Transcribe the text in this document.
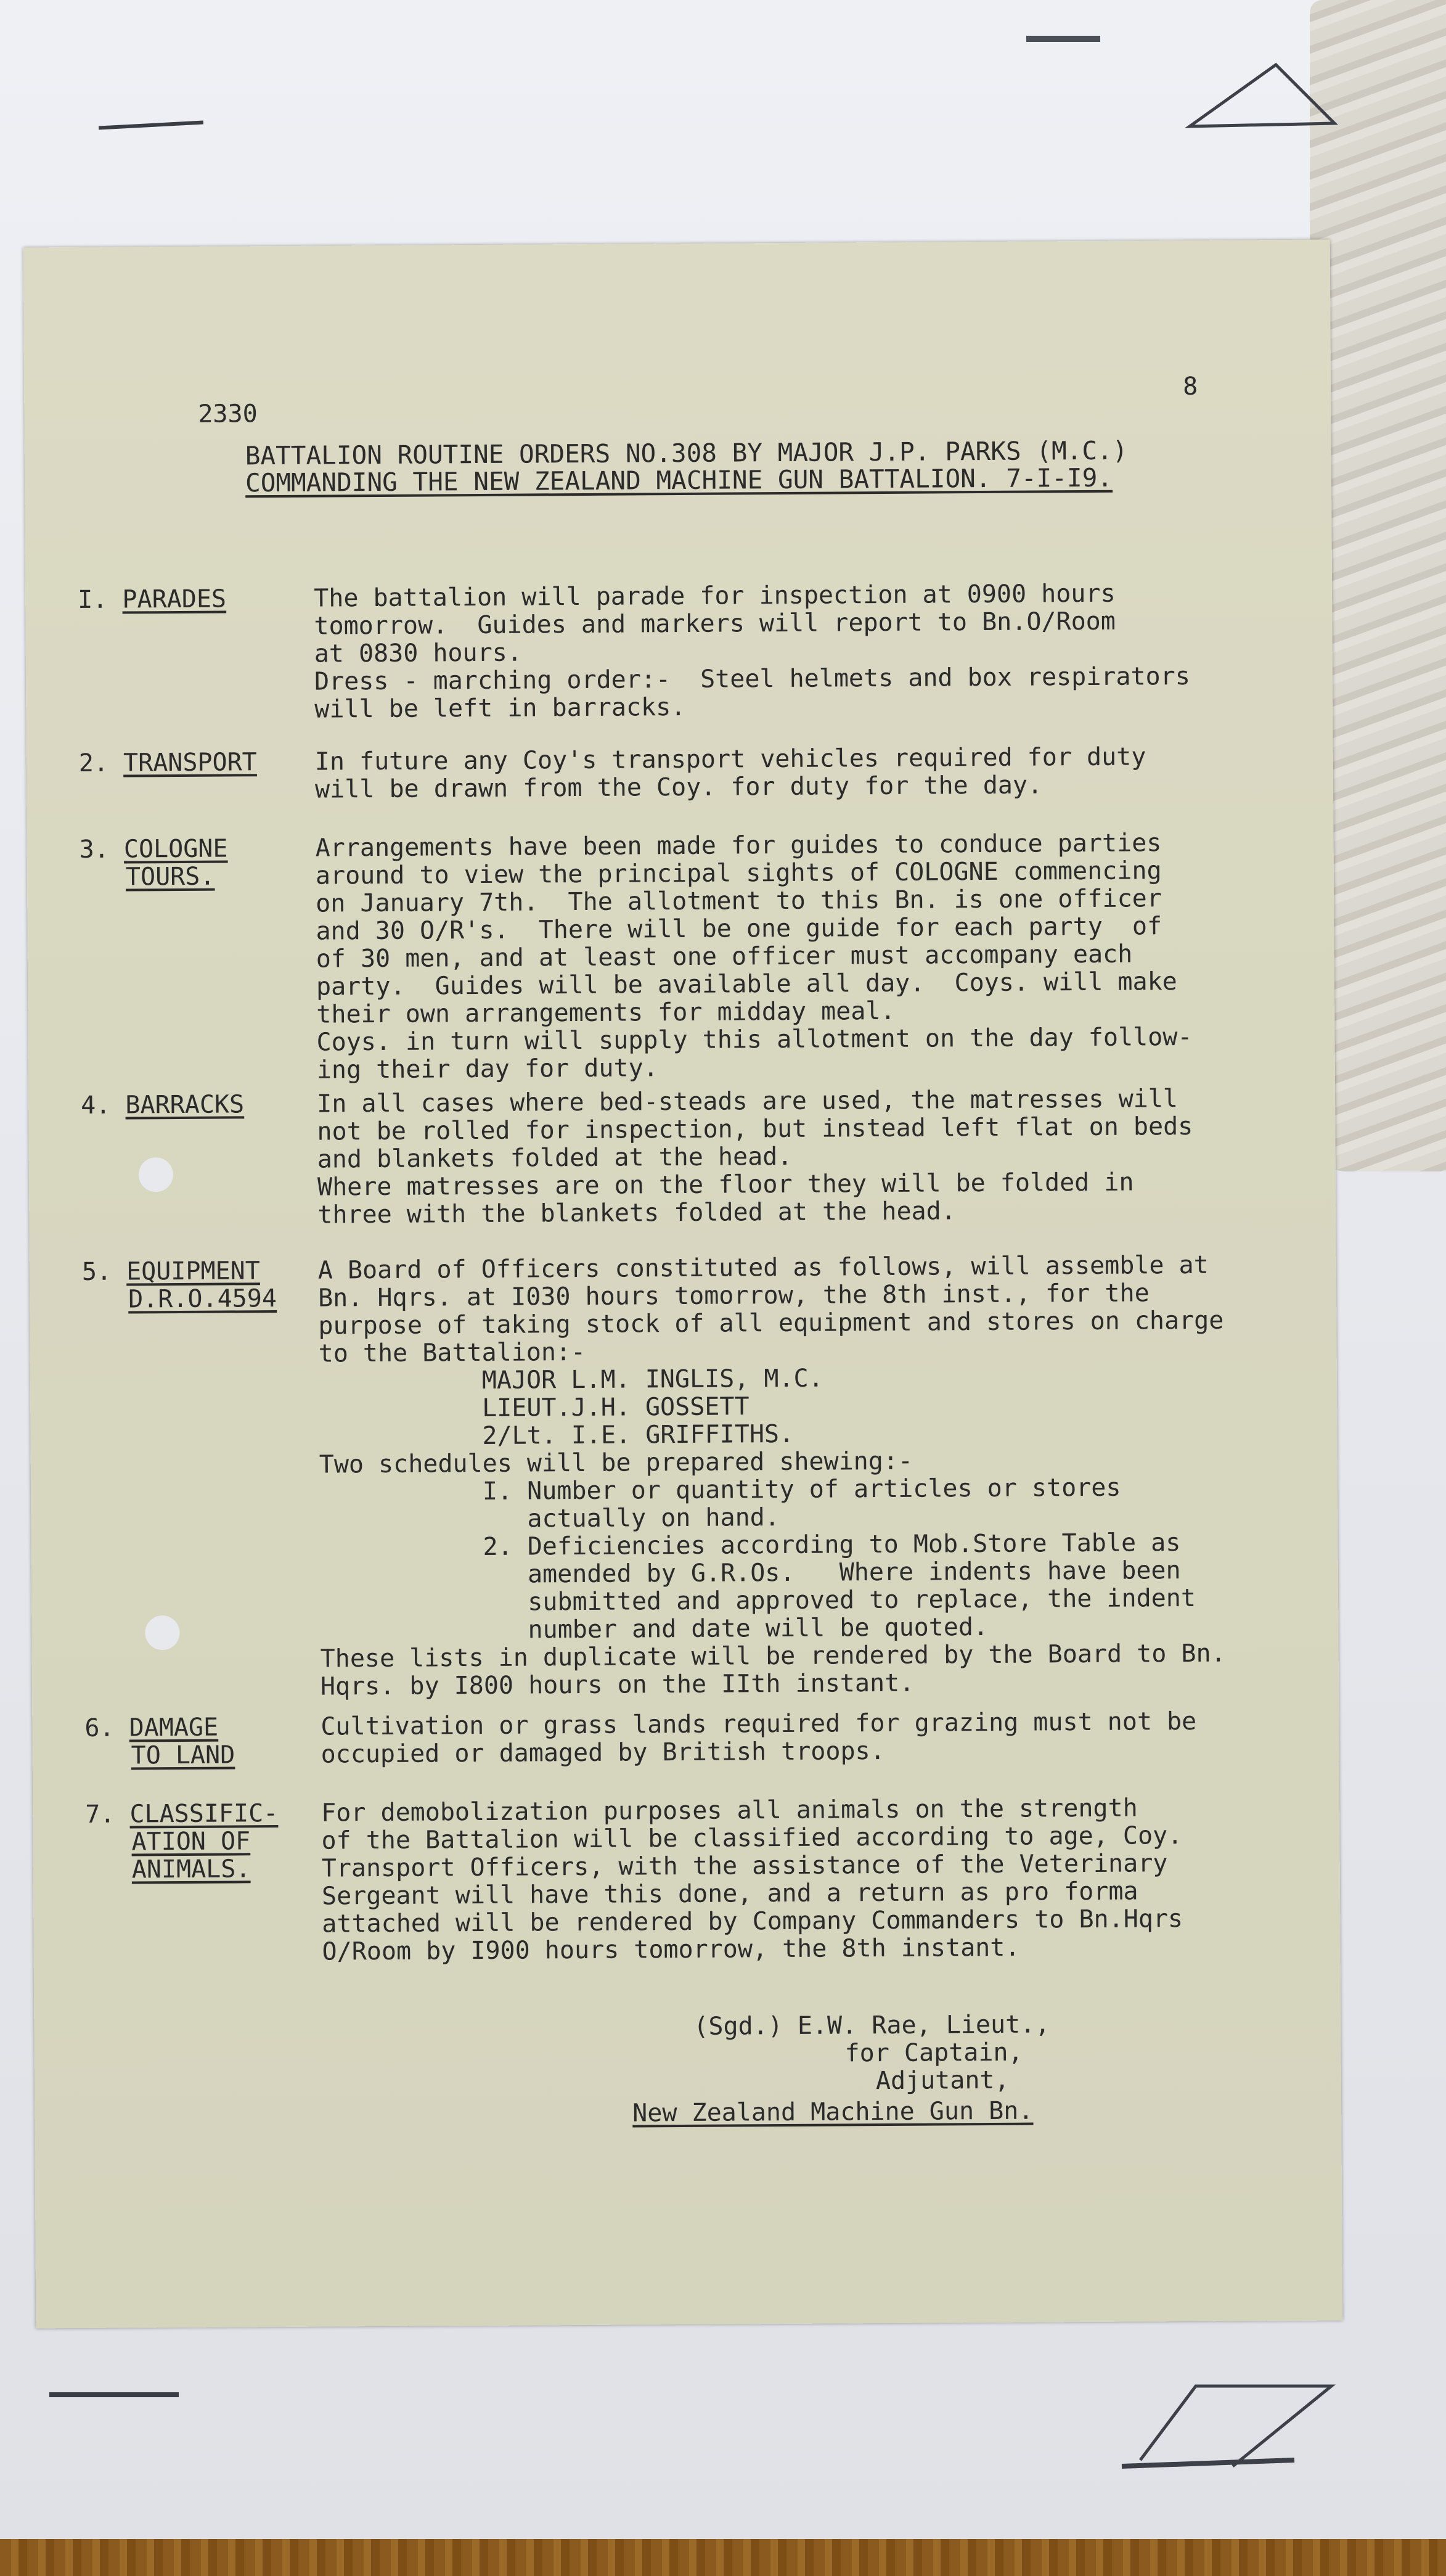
2330
8
BATTALION ROUTINE ORDERS NO.308 BY MAJOR J.P. PARKS (M.C.)
COMMANDING THE NEW ZEALAND MACHINE GUN BATTALION. 7-I-I9.
I. PARADES	The battalion will parade for inspection at 0900 hours
tomorrow.  Guides and markers will report to Bn.O/Room
at 0830 hours.
Dress - marching order:-  Steel helmets and box respirators
will be left in barracks.
2. TRANSPORT In future any Coy's transport vehicles required for duty
will be drawn from the Coy. for duty for the day.
3. COLOGNE
TOURS.
Arrangements have been made for guides to conduce parties
around to view the principal sights of COLOGNE commencing
on January 7th.  The allotment to this Bn. is one officer
and 30 O/R's.  There will be one guide for each party  of
of 30 men, and at least one officer must accompany each
party.  Guides will be available all day.  Coys. will make
their own arrangements for midday meal.
Coys. in turn will supply this allotment on the day follow-
ing their day for duty.
4. BARRACKS	In all cases where bed-steads are used, the matresses will
not be rolled for inspection, but instead left flat on beds
and blankets folded at the head.
Where matresses are on the floor they will be folded in
three with the blankets folded at the head.
5. EQUIPMENT
D.R.O.4594
A Board of Officers constituted as follows, will assemble at
Bn. Hqrs. at I030 hours tomorrow, the 8th inst., for the
purpose of taking stock of all equipment and stores on charge
to the Battalion:-
MAJOR L.M. INGLIS, M.C.
LIEUT.J.H. GOSSETT
2/Lt. I.E. GRIFFITHS.
Two schedules will be prepared shewing:-
I. Number or quantity of articles or stores
actually on hand.
2. Deficiencies according to Mob.Store Table as
amended by G.R.Os.   Where indents have been
submitted and approved to replace, the indent
number and date will be quoted.
These lists in duplicate will be rendered by the Board to Bn.
Hqrs. by I800 hours on the IIth instant.
6. DAMAGE
TO LAND
Cultivation or grass lands required for grazing must not be
occupied or damaged by British troops.
7. CLASSIFIC-
ATION OF
ANIMALS.
For demobolization purposes all animals on the strength
of the Battalion will be classified according to age, Coy.
Transport Officers, with the assistance of the Veterinary
Sergeant will have this done, and a return as pro forma
attached will be rendered by Company Commanders to Bn.Hqrs
O/Room by I900 hours tomorrow, the 8th instant.
(Sgd.) E.W. Rae, Lieut.,
for Captain,
Adjutant,
New Zealand Machine Gun Bn.
